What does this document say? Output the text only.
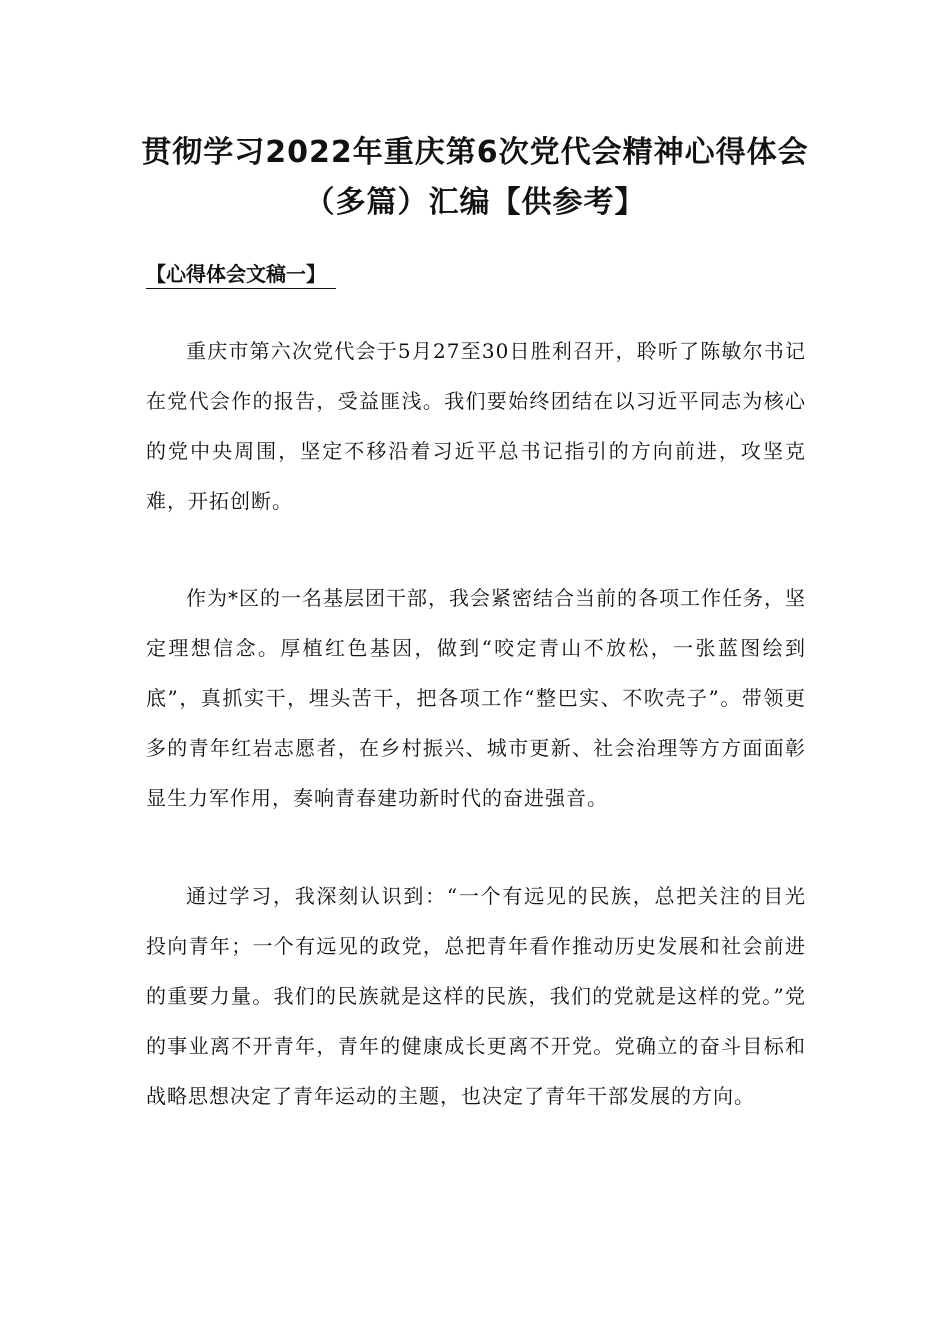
贯彻学习2022年重庆第6次党代会精神心得体会
（多篇）汇编【供参考】
【心得体会文稿一】

重庆市第六次党代会于5月27至30日胜利召开，聆听了陈敏尔书记在党代会作的报告，受益匪浅。我们要始终团结在以习近平同志为核心的党中央周围，坚定不移沿着习近平总书记指引的方向前进，攻坚克难，开拓创断。

作为*区的一名基层团干部，我会紧密结合当前的各项工作任务，坚定理想信念。厚植红色基因，做到“咬定青山不放松，一张蓝图绘到底”，真抓实干，埋头苦干，把各项工作“整巴实、不吹壳子”。带领更多的青年红岩志愿者，在乡村振兴、城市更新、社会治理等方方面面彰显生力军作用，奏响青春建功新时代的奋进强音。

通过学习，我深刻认识到：“一个有远见的民族，总把关注的目光投向青年；一个有远见的政党，总把青年看作推动历史发展和社会前进的重要力量。我们的民族就是这样的民族，我们的党就是这样的党。”党的事业离不开青年，青年的健康成长更离不开党。党确立的奋斗目标和战略思想决定了青年运动的主题，也决定了青年干部发展的方向。
